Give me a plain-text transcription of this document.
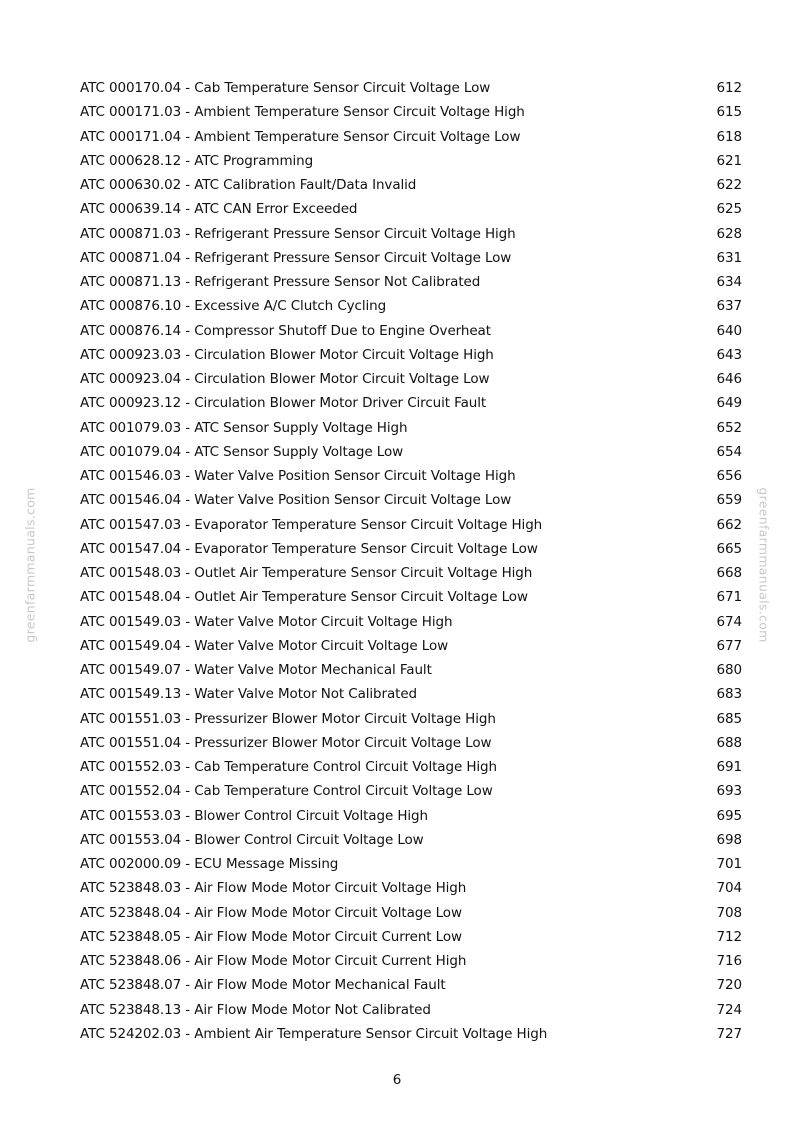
greenfarmmanuals.com	greenfarmmanuals.com
ATC 000170.04 - Cab Temperature Sensor Circuit Voltage Low	612
ATC 000171.03 - Ambient Temperature Sensor Circuit Voltage High	615
ATC 000171.04 - Ambient Temperature Sensor Circuit Voltage Low	618
ATC 000628.12 - ATC Programming	621
ATC 000630.02 - ATC Calibration Fault/Data Invalid	622
ATC 000639.14 - ATC CAN Error Exceeded	625
ATC 000871.03 - Refrigerant Pressure Sensor Circuit Voltage High	628
ATC 000871.04 - Refrigerant Pressure Sensor Circuit Voltage Low	631
ATC 000871.13 - Refrigerant Pressure Sensor Not Calibrated	634
ATC 000876.10 - Excessive A/C Clutch Cycling	637
ATC 000876.14 - Compressor Shutoff Due to Engine Overheat	640
ATC 000923.03 - Circulation Blower Motor Circuit Voltage High	643
ATC 000923.04 - Circulation Blower Motor Circuit Voltage Low	646
ATC 000923.12 - Circulation Blower Motor Driver Circuit Fault	649
ATC 001079.03 - ATC Sensor Supply Voltage High	652
ATC 001079.04 - ATC Sensor Supply Voltage Low	654
ATC 001546.03 - Water Valve Position Sensor Circuit Voltage High	656
ATC 001546.04 - Water Valve Position Sensor Circuit Voltage Low	659
ATC 001547.03 - Evaporator Temperature Sensor Circuit Voltage High	662
ATC 001547.04 - Evaporator Temperature Sensor Circuit Voltage Low	665
ATC 001548.03 - Outlet Air Temperature Sensor Circuit Voltage High	668
ATC 001548.04 - Outlet Air Temperature Sensor Circuit Voltage Low	671
ATC 001549.03 - Water Valve Motor Circuit Voltage High	674
ATC 001549.04 - Water Valve Motor Circuit Voltage Low	677
ATC 001549.07 - Water Valve Motor Mechanical Fault	680
ATC 001549.13 - Water Valve Motor Not Calibrated	683
ATC 001551.03 - Pressurizer Blower Motor Circuit Voltage High	685
ATC 001551.04 - Pressurizer Blower Motor Circuit Voltage Low	688
ATC 001552.03 - Cab Temperature Control Circuit Voltage High	691
ATC 001552.04 - Cab Temperature Control Circuit Voltage Low	693
ATC 001553.03 - Blower Control Circuit Voltage High	695
ATC 001553.04 - Blower Control Circuit Voltage Low	698
ATC 002000.09 - ECU Message Missing	701
ATC 523848.03 - Air Flow Mode Motor Circuit Voltage High	704
ATC 523848.04 - Air Flow Mode Motor Circuit Voltage Low	708
ATC 523848.05 - Air Flow Mode Motor Circuit Current Low	712
ATC 523848.06 - Air Flow Mode Motor Circuit Current High	716
ATC 523848.07 - Air Flow Mode Motor Mechanical Fault	720
ATC 523848.13 - Air Flow Mode Motor Not Calibrated	724
ATC 524202.03 - Ambient Air Temperature Sensor Circuit Voltage High	727
6
